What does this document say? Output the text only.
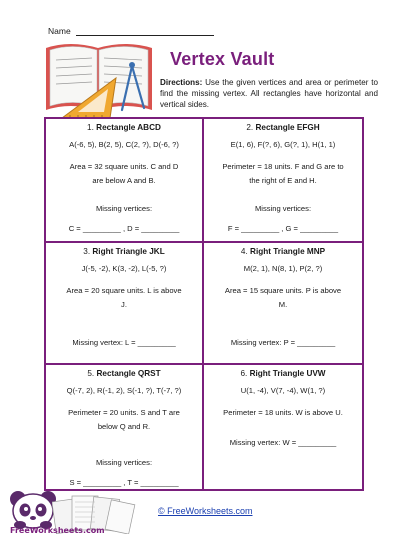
Name
Vertex Vault
Directions: Use the given vertices and area or perimeter to find the missing vertex. All rectangles have horizontal and vertical sides.
1. Rectangle ABCD

A(-6, 5), B(2, 5), C(2, ?), D(-6, ?)

Area = 32 square units. C and D

are below A and B.

Missing vertices:
C = _________ , D = _________
2. Rectangle EFGH

E(1, 6), F(?, 6), G(?, 1), H(1, 1)

Perimeter = 18 units. F and G are to

the right of E and H.

Missing vertices:
F = _________ , G = _________
3. Right Triangle JKL

J(-5, -2), K(3, -2), L(-5, ?)

Area = 20 square units. L is above

J.

Missing vertex: L = _________
4. Right Triangle MNP

M(2, 1), N(8, 1), P(2, ?)

Area = 15 square units. P is above

M.

Missing vertex: P = _________
5. Rectangle QRST

Q(-7, 2), R(-1, 2), S(-1, ?), T(-7, ?)

Perimeter = 20 units. S and T are

below Q and R.

Missing vertices:
S = _________ , T = _________
6. Right Triangle UVW

U(1, -4), V(7, -4), W(1, ?)

Perimeter = 18 units. W is above U.

Missing vertex: W = _________
FreeWorksheets.com
© FreeWorksheets.com
